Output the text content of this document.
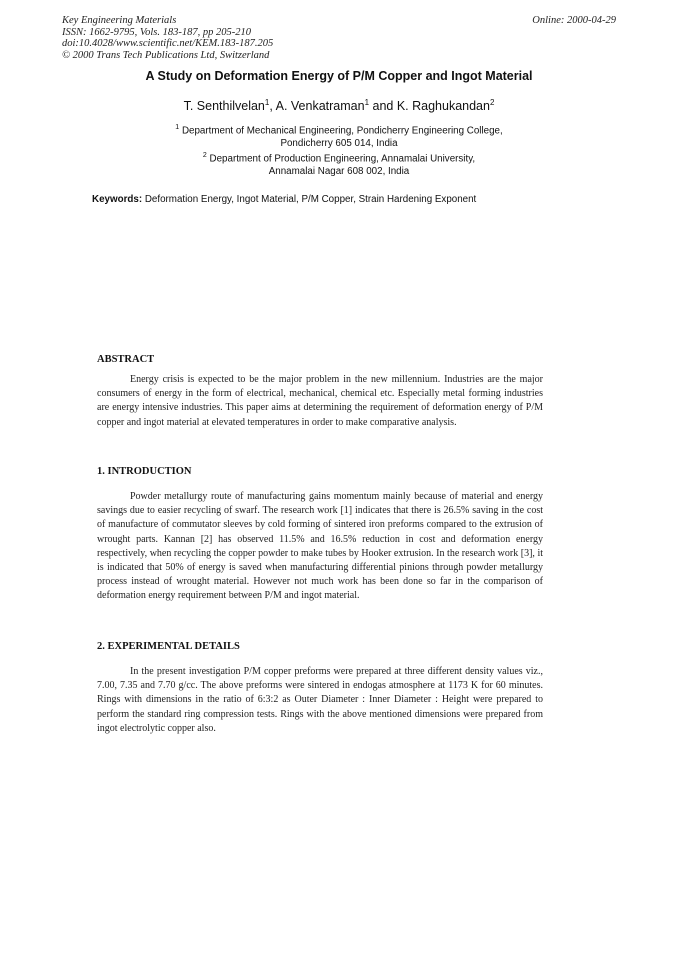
Key Engineering Materials
ISSN: 1662-9795, Vols. 183-187, pp 205-210
doi:10.4028/www.scientific.net/KEM.183-187.205
© 2000 Trans Tech Publications Ltd, Switzerland
Online: 2000-04-29
A Study on Deformation Energy of P/M Copper and Ingot Material
T. Senthilvelan$^1$, A. Venkatraman$^1$ and K. Raghukandan$^2$
$^1$ Department of Mechanical Engineering, Pondicherry Engineering College,
Pondicherry 605 014, India
$^2$ Department of Production Engineering, Annamalai University,
Annamalai Nagar 608 002, India
Keywords: Deformation Energy, Ingot Material, P/M Copper, Strain Hardening Exponent
ABSTRACT
Energy crisis is expected to be the major problem in the new millennium. Industries are the major consumers of energy in the form of electrical, mechanical, chemical etc. Especially metal forming industries are energy intensive industries. This paper aims at determining the requirement of deformation energy of P/M copper and ingot material at elevated temperatures in order to make comparative analysis.
1. INTRODUCTION
Powder metallurgy route of manufacturing gains momentum mainly because of material and energy savings due to easier recycling of swarf. The research work [1] indicates that there is 26.5% saving in the cost of manufacture of commutator sleeves by cold forming of sintered iron preforms compared to the extrusion of wrought parts. Kannan [2] has observed 11.5% and 16.5% reduction in cost and deformation energy respectively, when recycling the copper powder to make tubes by Hooker extrusion. In the research work [3], it is indicated that 50% of energy is saved when manufacturing differential pinions through powder metallurgy process instead of wrought material. However not much work has been done so far in the comparison of deformation energy requirement between P/M and ingot material.
2. EXPERIMENTAL DETAILS
In the present investigation P/M copper preforms were prepared at three different density values viz., 7.00, 7.35 and 7.70 g/cc. The above preforms were sintered in endogas atmosphere at 1173 K for 60 minutes. Rings with dimensions in the ratio of 6:3:2 as Outer Diameter : Inner Diameter : Height were prepared to perform the standard ring compression tests. Rings with the above mentioned dimensions were prepared from ingot electrolytic copper also.
